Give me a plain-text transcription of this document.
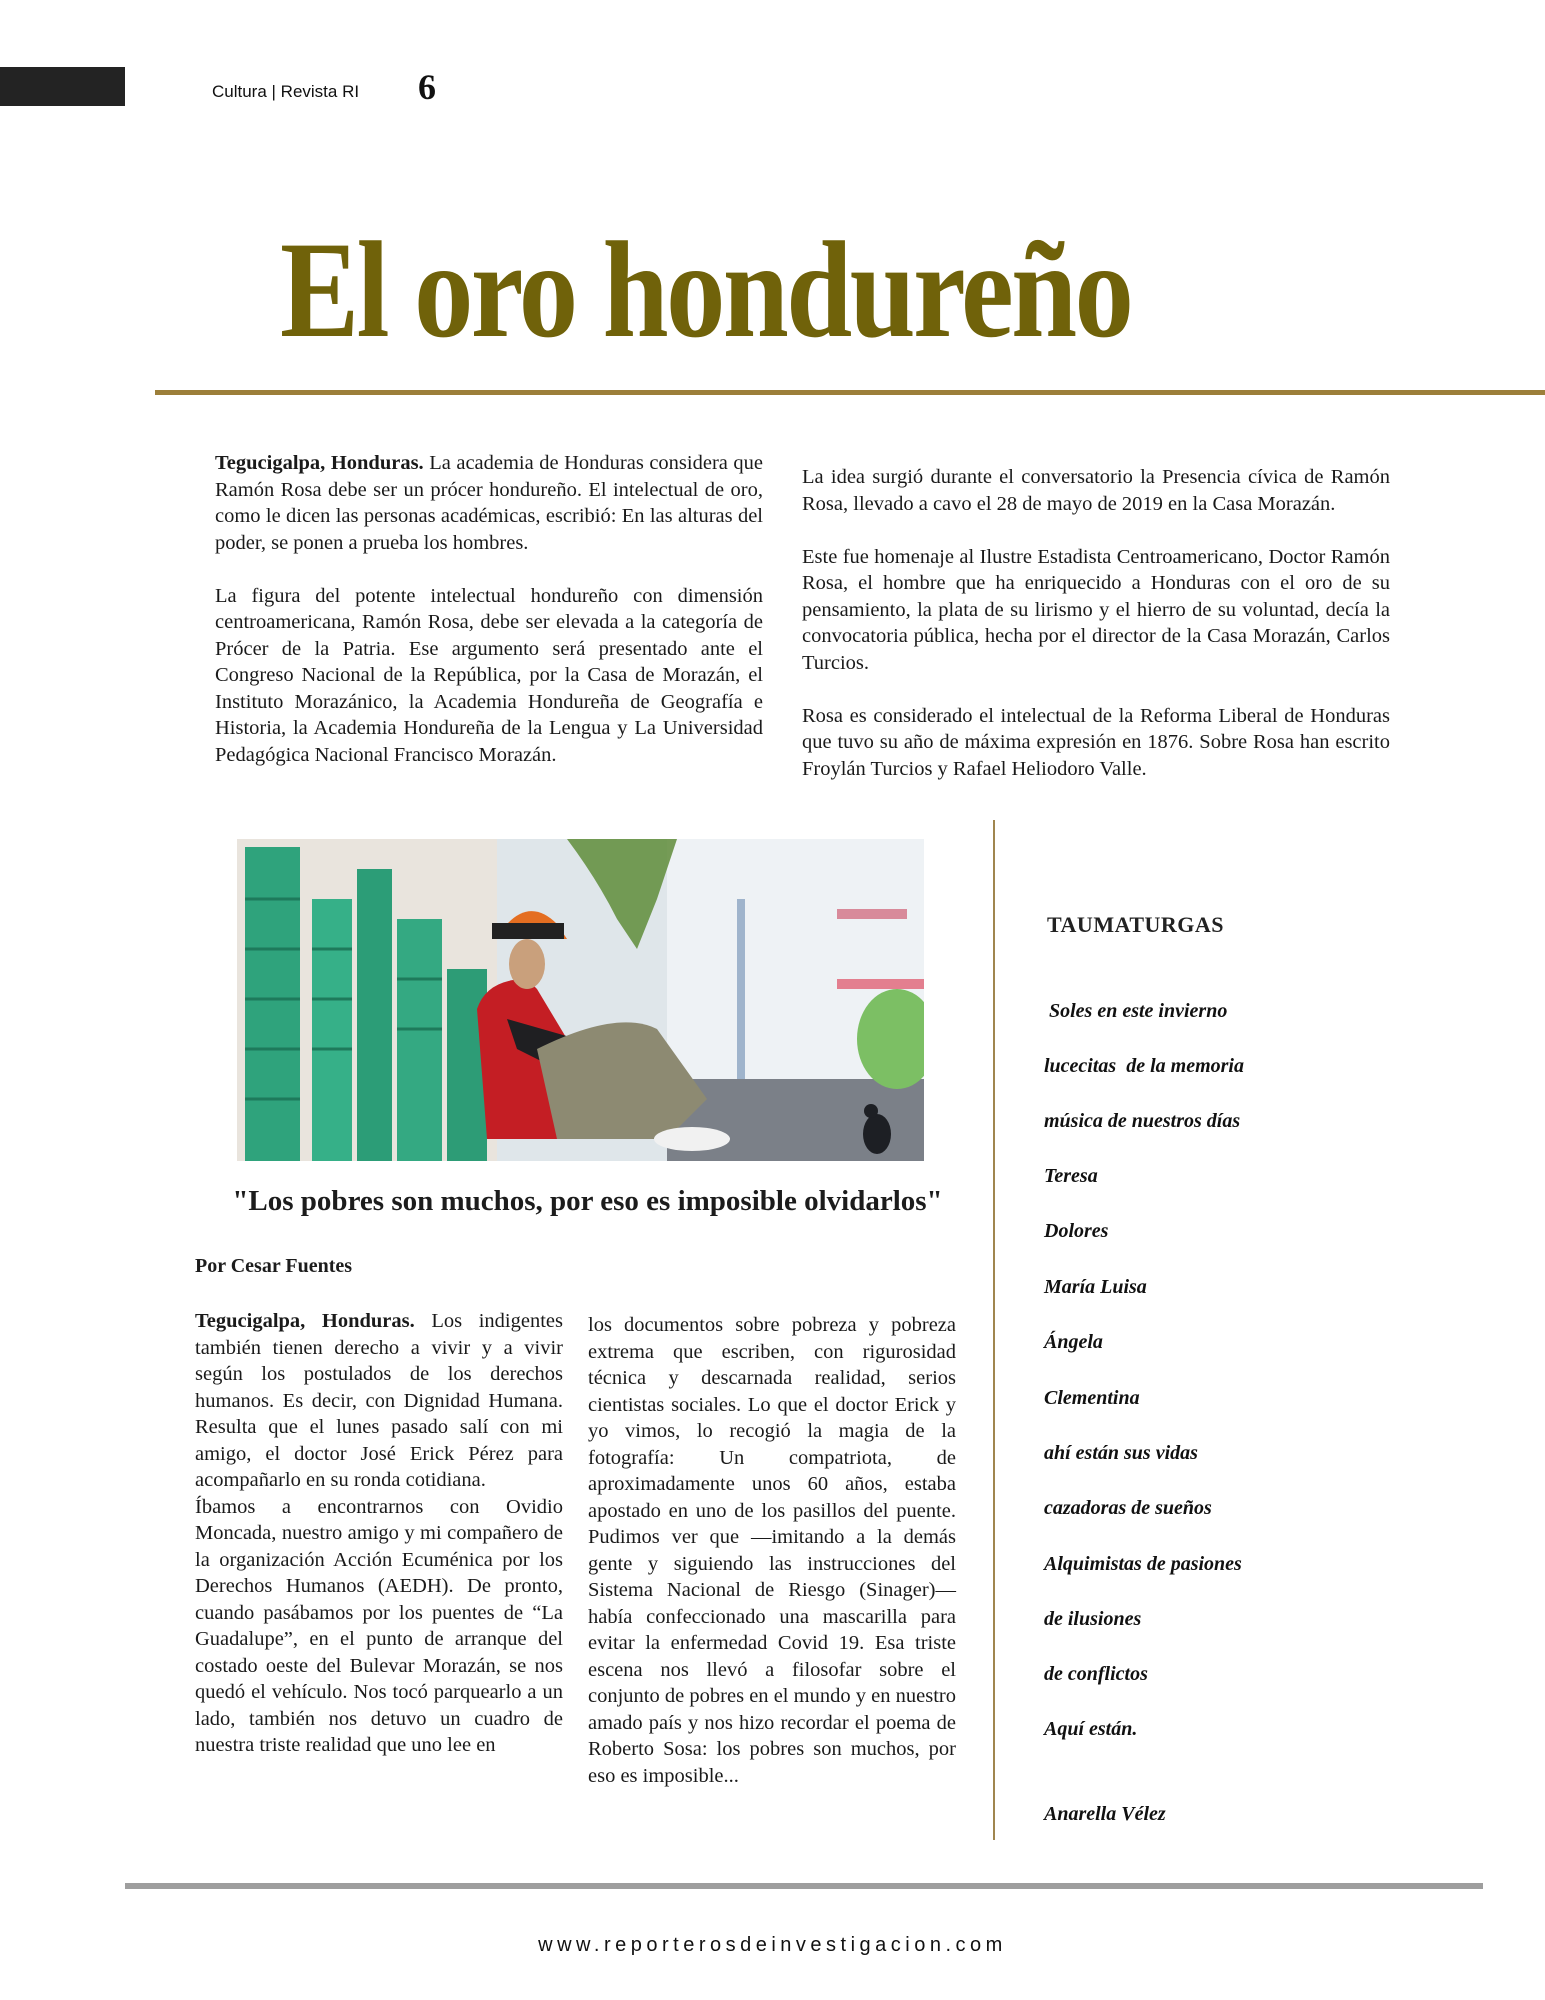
Cultura | Revista RI 6
El oro hondureño

Tegucigalpa, Honduras. La academia de Honduras considera que Ramón Rosa debe ser un prócer hondureño. El intelectual de oro, como le dicen las personas académicas, escribió: En las alturas del poder, se ponen a prueba los hombres.

La figura del potente intelectual hondureño con dimensión centroamericana, Ramón Rosa, debe ser elevada a la categoría de Prócer de la Patria. Ese argumento será presentado ante el Congreso Nacional de la República, por la Casa de Morazán, el Instituto Morazánico, la Academia Hondureña de Geografía e Historia, la Academia Hondureña de la Lengua y La Universidad Pedagógica Nacional Francisco Morazán.

La idea surgió durante el conversatorio la Presencia cívica de Ramón Rosa, llevado a cavo el 28 de mayo de 2019 en la Casa Morazán.

Este fue homenaje al Ilustre Estadista Centroamericano, Doctor Ramón Rosa, el hombre que ha enriquecido a Honduras con el oro de su pensamiento, la plata de su lirismo y el hierro de su voluntad, decía la convocatoria pública, hecha por el director de la Casa Morazán, Carlos Turcios.

Rosa es considerado el intelectual de la Reforma Liberal de Honduras que tuvo su año de máxima expresión en 1876. Sobre Rosa han escrito Froylán Turcios y Rafael Heliodoro Valle.

"Los pobres son muchos, por eso es imposible olvidarlos"
Por Cesar Fuentes

Tegucigalpa, Honduras. Los indigentes también tienen derecho a vivir y a vivir según los postulados de los derechos humanos. Es decir, con Dignidad Humana. Resulta que el lunes pasado salí con mi amigo, el doctor José Erick Pérez para acompañarlo en su ronda cotidiana.

Íbamos a encontrarnos con Ovidio Moncada, nuestro amigo y mi compañero de la organización Acción Ecuménica por los Derechos Humanos (AEDH). De pronto, cuando pasábamos por los puentes de “La Guadalupe”, en el punto de arranque del costado oeste del Bulevar Morazán, se nos quedó el vehículo. Nos tocó parquearlo a un lado, también nos detuvo un cuadro de nuestra triste realidad que uno lee en

los documentos sobre pobreza y pobreza extrema que escriben, con rigurosidad técnica y descarnada realidad, serios cientistas sociales. Lo que el doctor Erick y yo vimos, lo recogió la magia de la fotografía: Un compatriota, de aproximadamente unos 60 años, estaba apostado en uno de los pasillos del puente. Pudimos ver que —imitando a la demás gente y siguiendo las instrucciones del Sistema Nacional de Riesgo (Sinager)— había confeccionado una mascarilla para evitar la enfermedad Covid 19. Esa triste escena nos llevó a filosofar sobre el conjunto de pobres en el mundo y en nuestro amado país y nos hizo recordar el poema de Roberto Sosa: los pobres son muchos, por eso es imposible...

TAUMATURGAS
Soles en este invierno
lucecitas  de la memoria
música de nuestros días
Teresa
Dolores
María Luisa
Ángela
Clementina
ahí están sus vidas
cazadoras de sueños
Alquimistas de pasiones
de ilusiones
de conflictos
Aquí están.
Anarella Vélez
www.reporterosdeinvestigacion.com
